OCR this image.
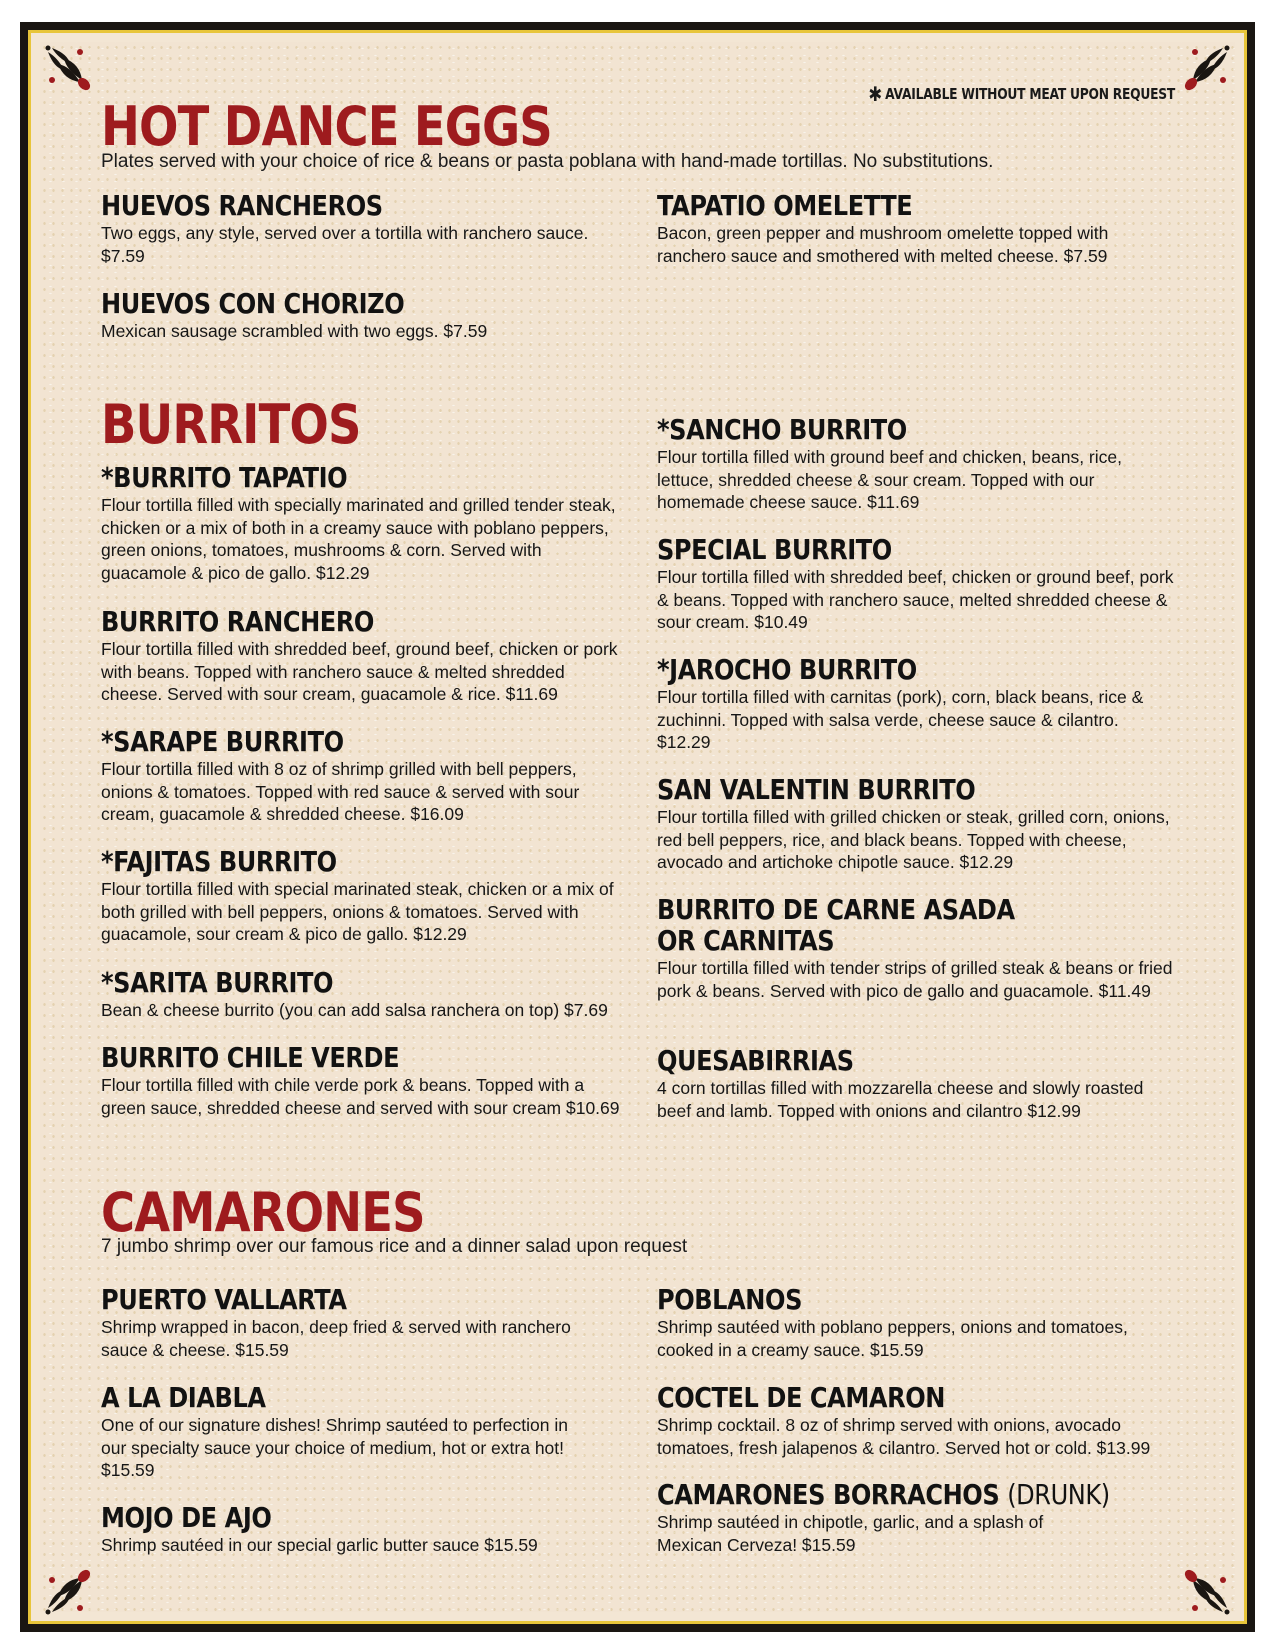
✱ AVAILABLE WITHOUT MEAT UPON REQUEST
HOT DANCE EGGS
Plates served with your choice of rice & beans or pasta poblana with hand-made tortillas. No substitutions.
HUEVOS RANCHEROS

Two eggs, any style, served over a tortilla with ranchero sauce. $7.59

HUEVOS CON CHORIZO

Mexican sausage scrambled with two eggs. $7.59

TAPATIO OMELETTE

Bacon, green pepper and mushroom omelette topped with ranchero sauce and smothered with melted cheese. $7.59

BURRITOS
*BURRITO TAPATIO

Flour tortilla filled with specially marinated and grilled tender steak, chicken or a mix of both in a creamy sauce with poblano peppers, green onions, tomatoes, mushrooms & corn. Served with guacamole & pico de gallo. $12.29

BURRITO RANCHERO

Flour tortilla filled with shredded beef, ground beef, chicken or pork with beans. Topped with ranchero sauce & melted shredded cheese. Served with sour cream, guacamole & rice. $11.69

*SARAPE BURRITO

Flour tortilla filled with 8 oz of shrimp grilled with bell peppers, onions & tomatoes. Topped with red sauce & served with sour cream, guacamole & shredded cheese. $16.09

*FAJITAS BURRITO

Flour tortilla filled with special marinated steak, chicken or a mix of both grilled with bell peppers, onions & tomatoes. Served with guacamole, sour cream & pico de gallo. $12.29

*SARITA BURRITO

Bean & cheese burrito (you can add salsa ranchera on top) $7.69

BURRITO CHILE VERDE

Flour tortilla filled with chile verde pork & beans. Topped with a green sauce, shredded cheese and served with sour cream $10.69

*SANCHO BURRITO

Flour tortilla filled with ground beef and chicken, beans, rice, lettuce, shredded cheese & sour cream. Topped with our homemade cheese sauce. $11.69

SPECIAL BURRITO

Flour tortilla filled with shredded beef, chicken or ground beef, pork & beans. Topped with ranchero sauce, melted shredded cheese & sour cream. $10.49

*JAROCHO BURRITO

Flour tortilla filled with carnitas (pork), corn, black beans, rice & zuchinni. Topped with salsa verde, cheese sauce & cilantro. $12.29

SAN VALENTIN BURRITO

Flour tortilla filled with grilled chicken or steak, grilled corn, onions, red bell peppers, rice, and black beans. Topped with cheese, avocado and artichoke chipotle sauce. $12.29

BURRITO DE CARNE ASADA
OR CARNITAS

Flour tortilla filled with tender strips of grilled steak & beans or fried pork & beans. Served with pico de gallo and guacamole. $11.49

QUESABIRRIAS

4 corn tortillas filled with mozzarella cheese and slowly roasted beef and lamb. Topped with onions and cilantro $12.99

CAMARONES
7 jumbo shrimp over our famous rice and a dinner salad upon request
PUERTO VALLARTA

Shrimp wrapped in bacon, deep fried & served with ranchero sauce & cheese. $15.59

A LA DIABLA

One of our signature dishes! Shrimp sautéed to perfection in our specialty sauce your choice of medium, hot or extra hot! $15.59

MOJO DE AJO

Shrimp sautéed in our special garlic butter sauce $15.59

POBLANOS

Shrimp sautéed with poblano peppers, onions and tomatoes, cooked in a creamy sauce. $15.59

COCTEL DE CAMARON

Shrimp cocktail. 8 oz of shrimp served with onions, avocado tomatoes, fresh jalapenos & cilantro. Served hot or cold. $13.99

CAMARONES BORRACHOS (DRUNK)

Shrimp sautéed in chipotle, garlic, and a splash of Mexican Cerveza! $15.59
